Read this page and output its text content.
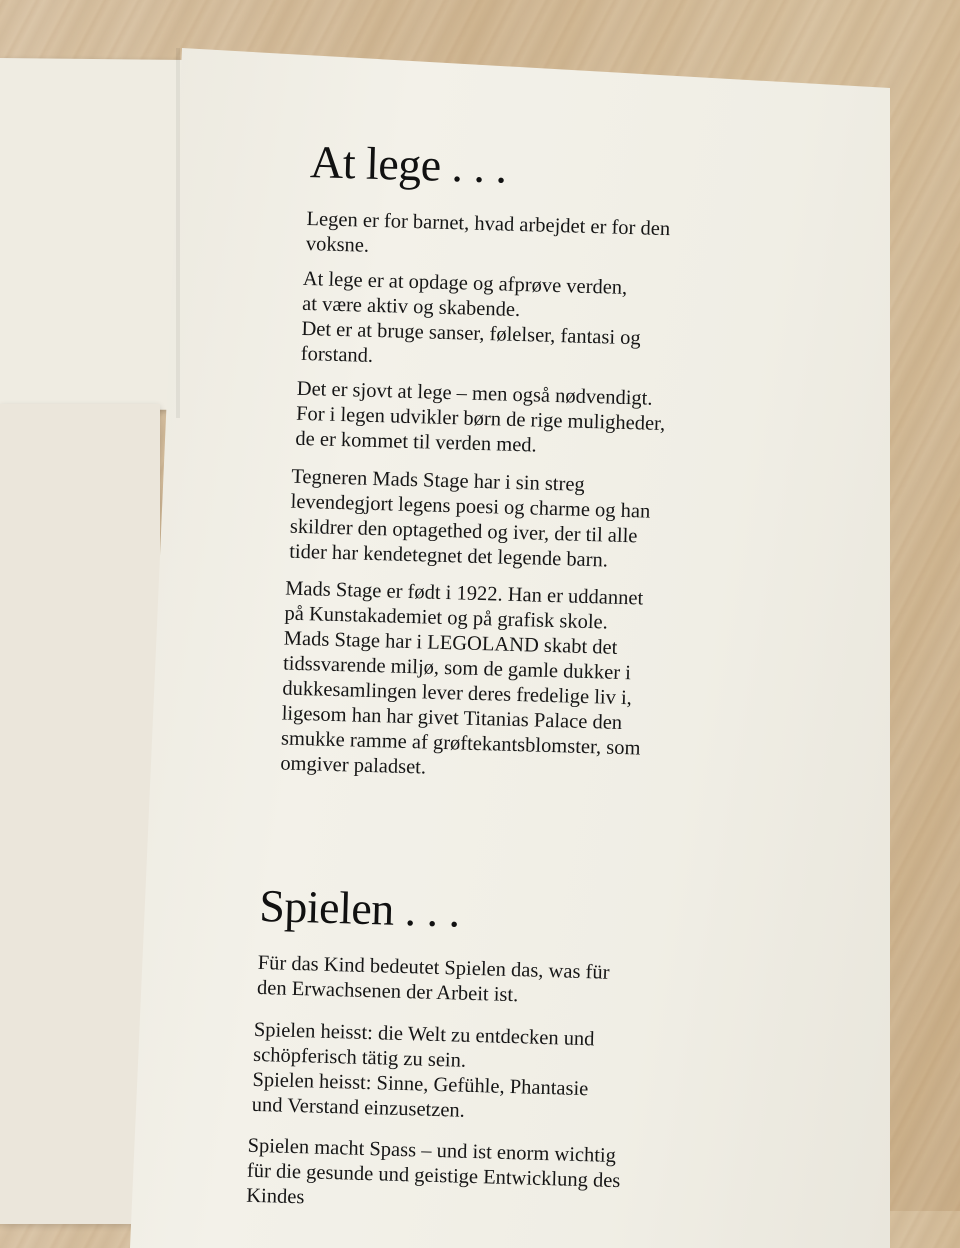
At lege . . .

Legen er for barnet, hvad arbejdet er for den
voksne.

At lege er at opdage og afprøve verden,
at være aktiv og skabende.
Det er at bruge sanser, følelser, fantasi og
forstand.

Det er sjovt at lege – men også nødvendigt.
For i legen udvikler børn de rige muligheder,
de er kommet til verden med.

Tegneren Mads Stage har i sin streg
levendegjort legens poesi og charme og han
skildrer den optagethed og iver, der til alle
tider har kendetegnet det legende barn.

Mads Stage er født i 1922. Han er uddannet
på Kunstakademiet og på grafisk skole.
Mads Stage har i LEGOLAND skabt det
tidssvarende miljø, som de gamle dukker i
dukkesamlingen lever deres fredelige liv i,
ligesom han har givet Titanias Palace den
smukke ramme af grøftekantsblomster, som
omgiver paladset.

Spielen . . .

Für das Kind bedeutet Spielen das, was für
den Erwachsenen der Arbeit ist.

Spielen heisst: die Welt zu entdecken und
schöpferisch tätig zu sein.
Spielen heisst: Sinne, Gefühle, Phantasie
und Verstand einzusetzen.

Spielen macht Spass – und ist enorm wichtig
für die gesunde und geistige Entwicklung des
Kindes
